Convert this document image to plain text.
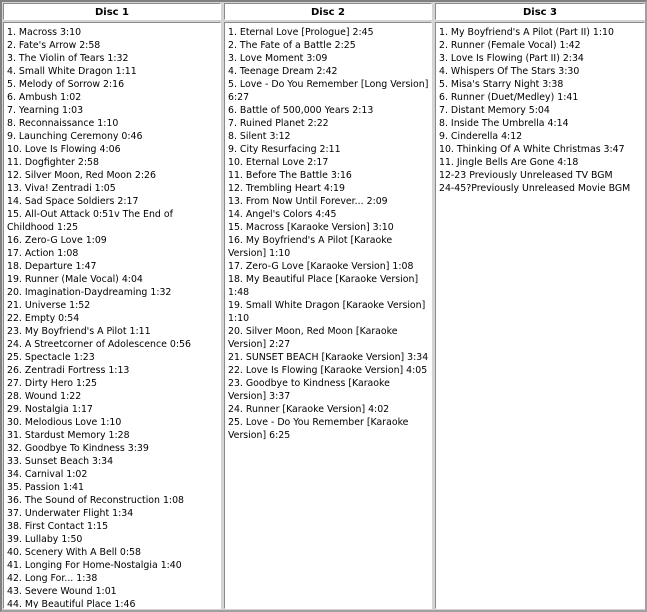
Disc 1
1. Macross 3:10
2. Fate's Arrow 2:58
3. The Violin of Tears 1:32
4. Small White Dragon 1:11
5. Melody of Sorrow 2:16
6. Ambush 1:02
7. Yearning 1:03
8. Reconnaissance 1:10
9. Launching Ceremony 0:46
10. Love Is Flowing 4:06
11. Dogfighter 2:58
12. Silver Moon, Red Moon 2:26
13. Viva! Zentradi 1:05
14. Sad Space Soldiers 2:17
15. All-Out Attack 0:51v The End of Childhood 1:25
16. Zero-G Love 1:09
17. Action 1:08
18. Departure 1:47
19. Runner (Male Vocal) 4:04
20. Imagination-Daydreaming 1:32
21. Universe 1:52
22. Empty 0:54
23. My Boyfriend's A Pilot 1:11
24. A Streetcorner of Adolescence 0:56
25. Spectacle 1:23
26. Zentradi Fortress 1:13
27. Dirty Hero 1:25
28. Wound 1:22
29. Nostalgia 1:17
30. Melodious Love 1:10
31. Stardust Memory 1:28
32. Goodbye To Kindness 3:39
33. Sunset Beach 3:34
34. Carnival 1:02
35. Passion 1:41
36. The Sound of Reconstruction 1:08
37. Underwater Flight 1:34
38. First Contact 1:15
39. Lullaby 1:50
40. Scenery With A Bell 0:58
41. Longing For Home-Nostalgia 1:40
42. Long For... 1:38
43. Severe Wound 1:01
44. My Beautiful Place 1:46
Disc 2
1. Eternal Love [Prologue] 2:45
2. The Fate of a Battle 2:25
3. Love Moment 3:09
4. Teenage Dream 2:42
5. Love - Do You Remember [Long Version] 6:27
6. Battle of 500,000 Years 2:13
7. Ruined Planet 2:22
8. Silent 3:12
9. City Resurfacing 2:11
10. Eternal Love 2:17
11. Before The Battle 3:16
12. Trembling Heart 4:19
13. From Now Until Forever... 2:09
14. Angel's Colors 4:45
15. Macross [Karaoke Version] 3:10
16. My Boyfriend's A Pilot [Karaoke Version] 1:10
17. Zero-G Love [Karaoke Version] 1:08
18. My Beautiful Place [Karaoke Version] 1:48
19. Small White Dragon [Karaoke Version] 1:10
20. Silver Moon, Red Moon [Karaoke Version] 2:27
21. SUNSET BEACH [Karaoke Version] 3:34
22. Love Is Flowing [Karaoke Version] 4:05
23. Goodbye to Kindness [Karaoke Version] 3:37
24. Runner [Karaoke Version] 4:02
25. Love - Do You Remember [Karaoke Version] 6:25
Disc 3
1. My Boyfriend's A Pilot (Part II) 1:10
2. Runner (Female Vocal) 1:42
3. Love Is Flowing (Part II) 2:34
4. Whispers Of The Stars 3:30
5. Misa's Starry Night 3:38
6. Runner (Duet/Medley) 1:41
7. Distant Memory 5:04
8. Inside The Umbrella 4:14
9. Cinderella 4:12
10. Thinking Of A White Christmas 3:47
11. Jingle Bells Are Gone 4:18
12-23 Previously Unreleased TV BGM
24-45?Previously Unreleased Movie BGM
